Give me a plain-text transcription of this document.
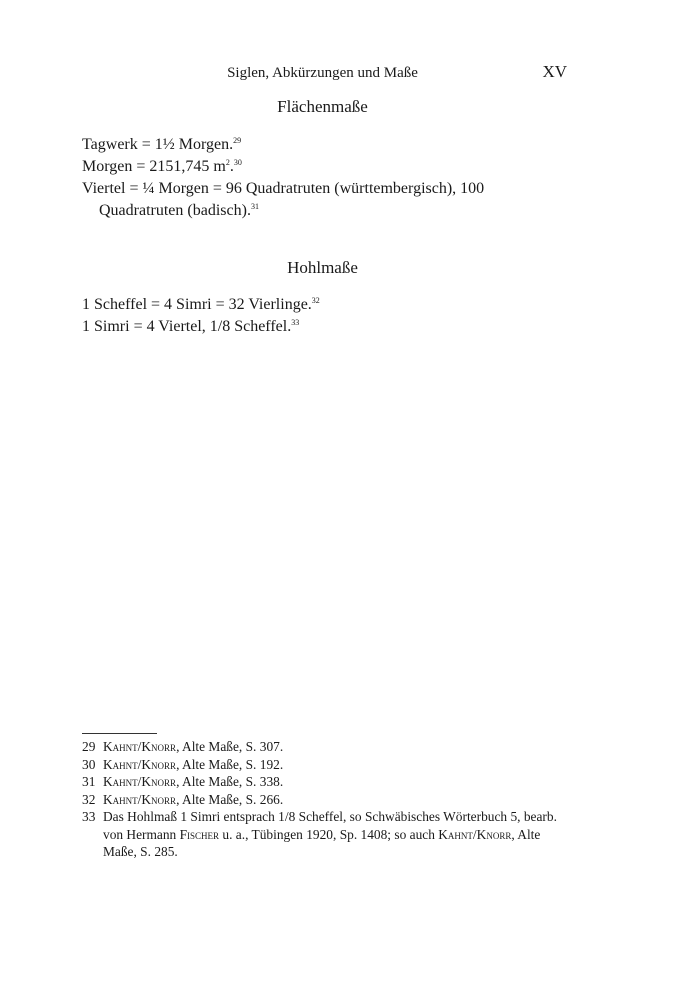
Siglen, Abkürzungen und Maße	XV
Flächenmaße

Tagwerk = 1½ Morgen.$^{29}$

Morgen = 2151,745 $m^2.^{30}$

Viertel = ¼ Morgen = 96 Quadratruten (württembergisch), 100 Quadratruten (badisch).$^{31}$

Hohlmaße

1 Scheffel = 4 Simri = 32 Vierlinge.$^{32}$

1 Simri = 4 Viertel, 1/8 Scheffel.$^{33}$

29 Kahnt/Knorr, Alte Maße, S. 307.

30 Kahnt/Knorr, Alte Maße, S. 192.

31 Kahnt/Knorr, Alte Maße, S. 338.

32 Kahnt/Knorr, Alte Maße, S. 266.

33 Das Hohlmaß 1 Simri entsprach 1/8 Scheffel, so Schwäbisches Wörterbuch 5, bearb. von Hermann Fischer u. a., Tübingen 1920, Sp. 1408; so auch Kahnt/Knorr, Alte Maße, S. 285.
